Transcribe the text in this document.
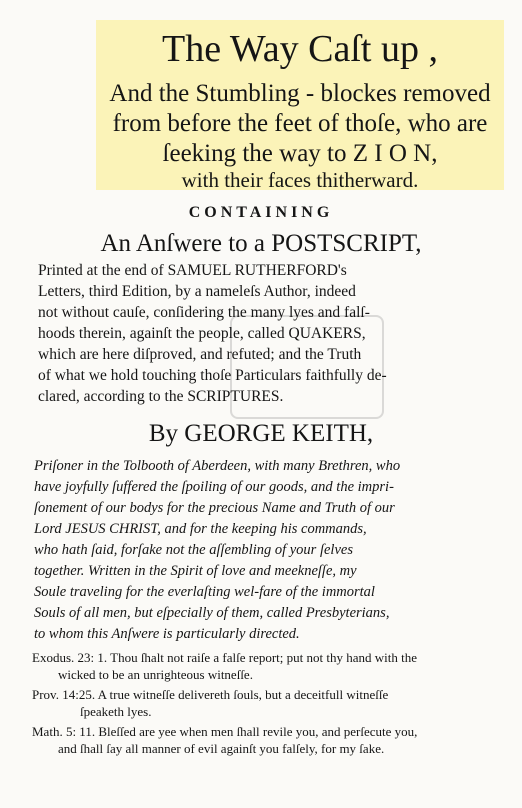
The Way Caſt up ,
And the Stumbling - blockes removed
from before the feet of thoſe, who are
ſeeking the way to Z I O N,
with their faces thitherward.
CONTAINING
An Anſwere to a POSTSCRIPT,
Printed at the end of SAMUEL RUTHERFORD's
Letters, third Edition, by a nameleſs Author, indeed
not without cauſe, conſidering the many lyes and falſ-
hoods therein, againſt the people, called QUAKERS,
which are here diſproved, and refuted; and the Truth
of what we hold touching thoſe Particulars faithfully de-
clared, according to the SCRIPTURES.
By GEORGE KEITH,
Priſoner in the Tolbooth of Aberdeen, with many Brethren, who
have joyfully ſuffered the ſpoiling of our goods, and the impri-
ſonement of our bodys for the precious Name and Truth of our
Lord JESUS CHRIST, and for the keeping his commands,
who hath ſaid, forſake not the aſſembling of your ſelves
together. Written in the Spirit of love and meekneſſe, my
Soule traveling for the everlaſting wel-fare of the immortal
Souls of all men, but eſpecially of them, called Presbyterians,
to whom this Anſwere is particularly directed.
Exodus. 23: 1. Thou ſhalt not raiſe a falſe report; put not thy hand with the
wicked to be an unrighteous witneſſe.
Prov. 14:25. A true witneſſe delivereth ſouls, but a deceitfull witneſſe
ſpeaketh lyes.
Math. 5: 11. Bleſſed are yee when men ſhall revile you, and perſecute you,
and ſhall ſay all manner of evil againſt you falſely, for my ſake.
